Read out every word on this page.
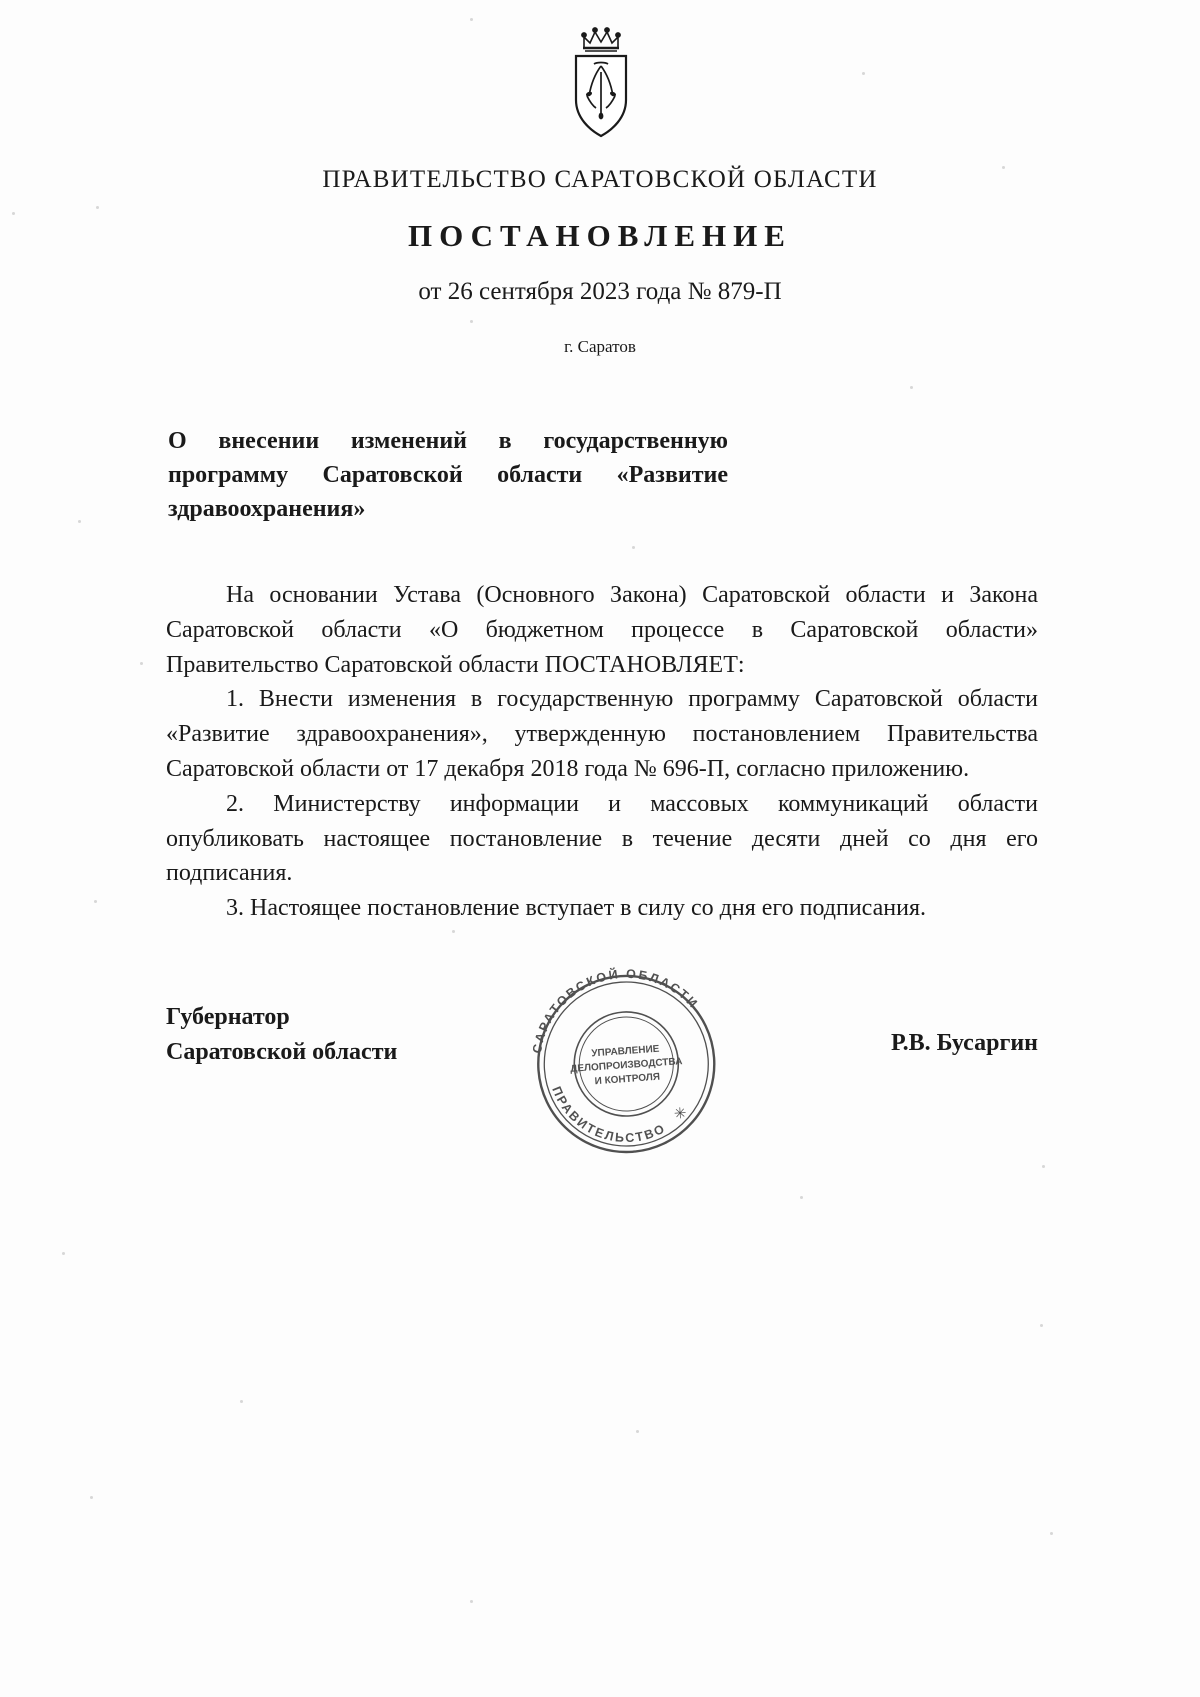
ПРАВИТЕЛЬСТВО САРАТОВСКОЙ ОБЛАСТИ
ПОСТАНОВЛЕНИЕ
от 26 сентября 2023 года № 879-П
г. Саратов
О внесении изменений в государственную программу Саратовской области «Развитие здравоохранения»

На основании Устава (Основного Закона) Саратовской области и Закона Саратовской области «О бюджетном процессе в Саратовской области» Правительство Саратовской области ПОСТАНОВЛЯЕТ:

1. Внести изменения в государственную программу Саратовской области «Развитие здравоохранения», утвержденную постановлением Правительства Саратовской области от 17 декабря 2018 года № 696-П, согласно приложению.

2. Министерству информации и массовых коммуникаций области опубликовать настоящее постановление в течение десяти дней со дня его подписания.

3. Настоящее постановление вступает в силу со дня его подписания.

Губернатор
Саратовской области	Р.В. Бусаргин
САРАТОВСКОЙ ОБЛАСТИ
ПРАВИТЕЛЬСТВО
УПРАВЛЕНИЕ
ДЕЛОПРОИЗВОДСТВА
И КОНТРОЛЯ
✳
